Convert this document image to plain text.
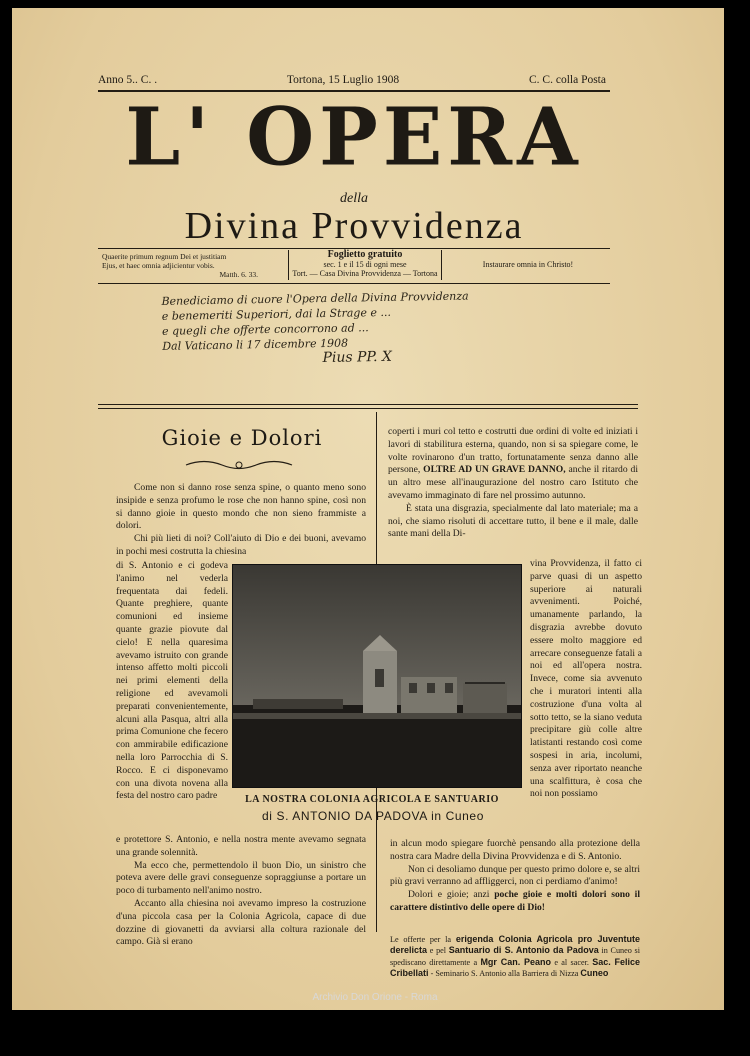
Anno 5.. C. .	Tortona, 15 Luglio 1908	C. C. colla Posta
L' OPERA
della
Divina Provvidenza
Quaerite primum regnum Dei et justitiam
Ejus, et haec omnia adjicientur vobis.
Matth. 6. 33.
Foglietto gratuito
sec. 1 e il 15 di ogni mese
Tort. — Casa Divina Provvidenza — Tortona
Instaurare omnia in Christo!
Benediciamo di cuore l'Opera della Divina Provvidenza
e benemeriti Superiori, dai la Strage e ...
e quegli che offerte concorrono ad ...
Dal Vaticano li 17 dicembre 1908
Pius PP. X
Gioie e Dolori

Come non si danno rose senza spine, o quanto meno sono insipide e senza profumo le rose che non hanno spine, così non si danno gioie in questo mondo che non sieno frammiste a dolori.

Chi più lieti di noi? Coll'aiuto di Dio e dei buoni, avevamo in pochi mesi costrutta la chiesina

di S. Antonio e ci godeva l'animo nel vederla frequentata dai fedeli. Quante preghiere, quante comunioni ed insieme quante grazie piovute dal cielo! E nella quaresima avevamo istruito con grande intenso affetto molti piccoli nei primi elementi della religione ed avevamoli preparati convenientemente, alcuni alla Pasqua, altri alla prima Comunione che fecero con ammirabile edificazione nella loro Parrocchia di S. Rocco. E ci disponevamo con una divota novena alla festa del nostro caro padre	LA NOSTRA COLONIA AGRICOLA E SANTUARIO
di S. ANTONIO DA PADOVA in Cuneo
e protettore S. Antonio, e nella nostra mente avevamo segnata una grande solennità.

Ma ecco che, permettendolo il buon Dio, un sinistro che poteva avere delle gravi conseguenze sopraggiunse a portare un poco di turbamento nell'animo nostro.

Accanto alla chiesina noi avevamo impreso la costruzione d'una piccola casa per la Colonia Agricola, capace di due dozzine di giovanetti da avviarsi alla coltura razionale del campo. Già si erano

coperti i muri col tetto e costrutti due ordini di volte ed iniziati i lavori di stabilitura esterna, quando, non si sa spiegare come, le volte rovinarono d'un tratto, fortunatamente senza danno alle persone, OLTRE AD UN GRAVE DANNO, anche il ritardo di un altro mese all'inaugurazione del nostro caro Istituto che avevamo immaginato di fare nel prossimo autunno.

È stata una disgrazia, specialmente dal lato materiale; ma a noi, che siamo risoluti di accettare tutto, il bene e il male, dalle sante mani della Di-

vina Provvidenza, il fatto ci parve quasi di un aspetto superiore ai naturali avvenimenti. Poiché, umanamente parlando, la disgrazia avrebbe dovuto essere molto maggiore ed arrecare conseguenze fatali a noi ed all'opera nostra. Invece, come sia avvenuto che i muratori intenti alla costruzione d'una volta al sotto tetto, se la siano veduta precipitare giù colle altre latistanti restando così come sospesi in aria, incolumi, senza aver riportato neanche una scalfittura, è cosa che noi non possiamo
in alcun modo spiegare fuorchè pensando alla protezione della nostra cara Madre della Divina Provvidenza e di S. Antonio.

Non ci desoliamo dunque per questo primo dolore e, se altri più gravi verranno ad affliggerci, non ci perdiamo d'animo!

Dolori e gioie; anzi poche gioie e molti dolori sono il carattere distintivo delle opere di Dio!

Le offerte per la erigenda Colonia Agricola pro Juventute derelicta e pel Santuario di S. Antonio da Padova in Cuneo si spediscano direttamente a Mgr Can. Peano e al sacer. Sac. Felice Cribellati - Seminario S. Antonio alla Barriera di Nizza Cuneo
Archivio Don Orione - Roma
